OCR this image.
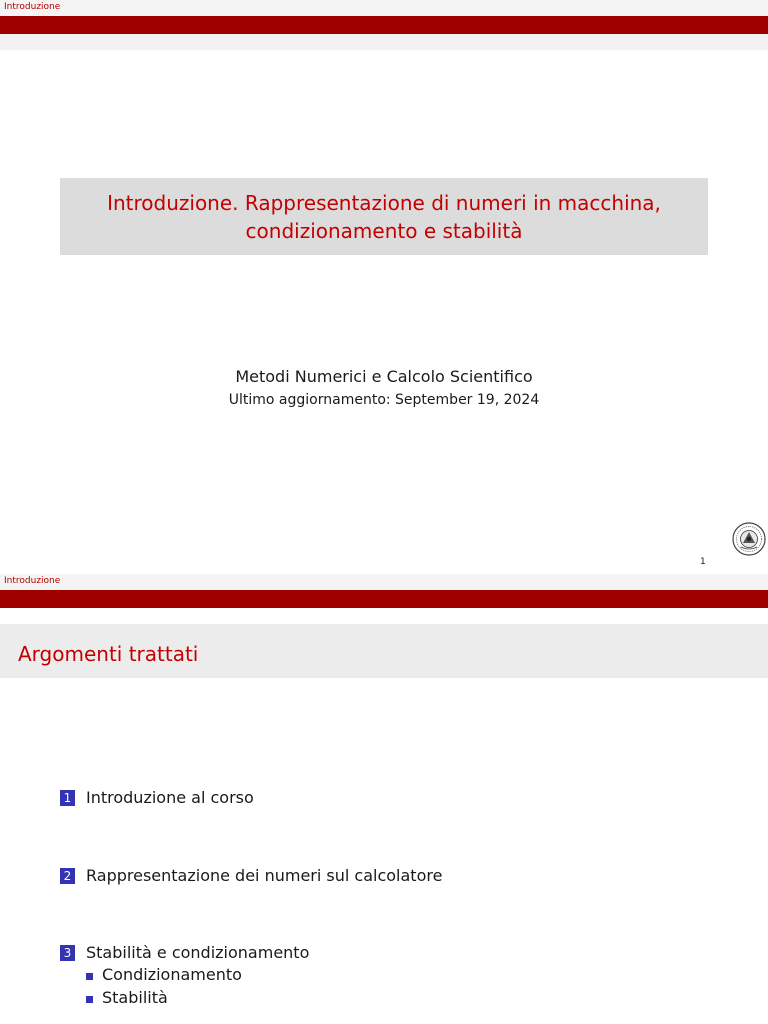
Introduzione
Introduzione. Rappresentazione di numeri in macchina,
condizionamento e stabilità
Metodi Numerici e Calcolo Scientifico
Ultimo aggiornamento: September 19, 2024
1
Introduzione
Argomenti trattati
1 Introduzione al corso
2 Rappresentazione dei numeri sul calcolatore
3 Stabilità e condizionamento
Condizionamento
Stabilità
